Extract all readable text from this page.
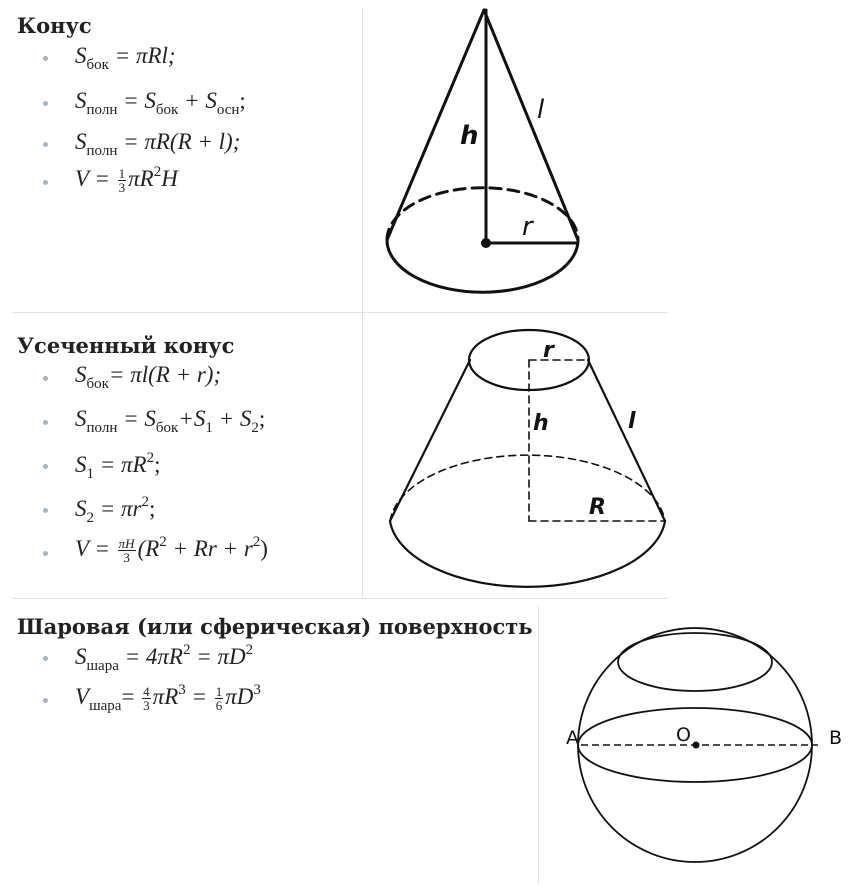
Конус
$S_{бок} = \pi Rl$;
$S_{полн} = S_{бок} + S_{осн}$;
$S_{полн} = \pi R(R + l)$;
$V = \frac{1}{3} \pi R^2H$
Усеченный конус
$S_{бок}= \pi l(R + r)$;
$S_{полн} = S_{бок}+S_1 + S_2$;
$S_1 = \pi R^2$;
$S_2 = \pi r^2$;
$V = \frac{\pi H}{3} (R^2 + Rr + r^2)$
Шаровая (или сферическая) поверхность
$S_{шара} = 4\pi R^2 = \pi D^2$
$V_{шара}= \frac{4}{3} \pi R^3 = \frac{1}{6} \pi D^3$
h
l
r
r
h	l
R
A	B
O
